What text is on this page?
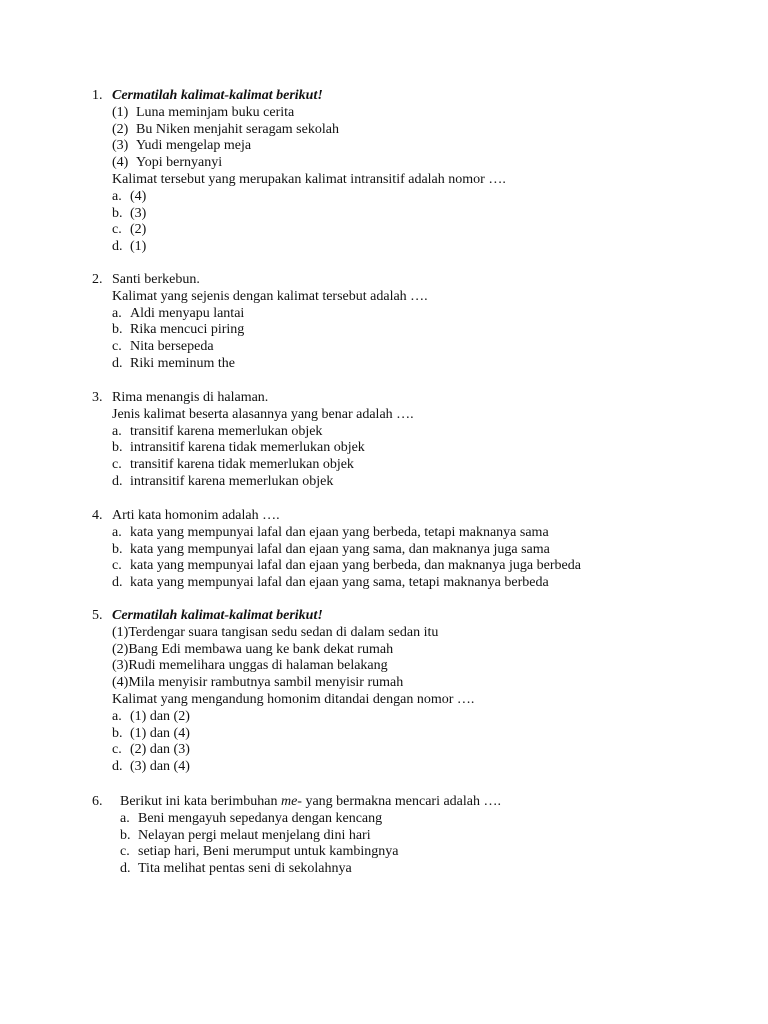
1. Cermatilah kalimat-kalimat berikut!
(1) Luna meminjam buku cerita
(2) Bu Niken menjahit seragam sekolah
(3) Yudi mengelap meja
(4) Yopi bernyanyi
Kalimat tersebut yang merupakan kalimat intransitif adalah nomor ….
a. (4)
b. (3)
c. (2)
d. (1)
2. Santi berkebun.
Kalimat yang sejenis dengan kalimat tersebut adalah ….
a. Aldi menyapu lantai
b. Rika mencuci piring
c. Nita bersepeda
d. Riki meminum the
3. Rima menangis di halaman.
Jenis kalimat beserta alasannya yang benar adalah ….
a. transitif karena memerlukan objek
b. intransitif karena tidak memerlukan objek
c. transitif karena tidak memerlukan objek
d. intransitif karena memerlukan objek
4. Arti kata homonim adalah ….
a. kata yang mempunyai lafal dan ejaan yang berbeda, tetapi maknanya sama
b. kata yang mempunyai lafal dan ejaan yang sama, dan maknanya juga sama
c. kata yang mempunyai lafal dan ejaan yang berbeda, dan maknanya juga berbeda
d. kata yang mempunyai lafal dan ejaan yang sama, tetapi maknanya berbeda
5. Cermatilah kalimat-kalimat berikut!
(1)Terdengar suara tangisan sedu sedan di dalam sedan itu
(2)Bang Edi membawa uang ke bank dekat rumah
(3)Rudi memelihara unggas di halaman belakang
(4)Mila menyisir rambutnya sambil menyisir rumah
Kalimat yang mengandung homonim ditandai dengan nomor ….
a. (1) dan (2)
b. (1) dan (4)
c. (2) dan (3)
d. (3) dan (4)
6.	Berikut ini kata berimbuhan me- yang bermakna mencari adalah ….
a. Beni mengayuh sepedanya dengan kencang
b. Nelayan pergi melaut menjelang dini hari
c. setiap hari, Beni merumput untuk kambingnya
d. Tita melihat pentas seni di sekolahnya
